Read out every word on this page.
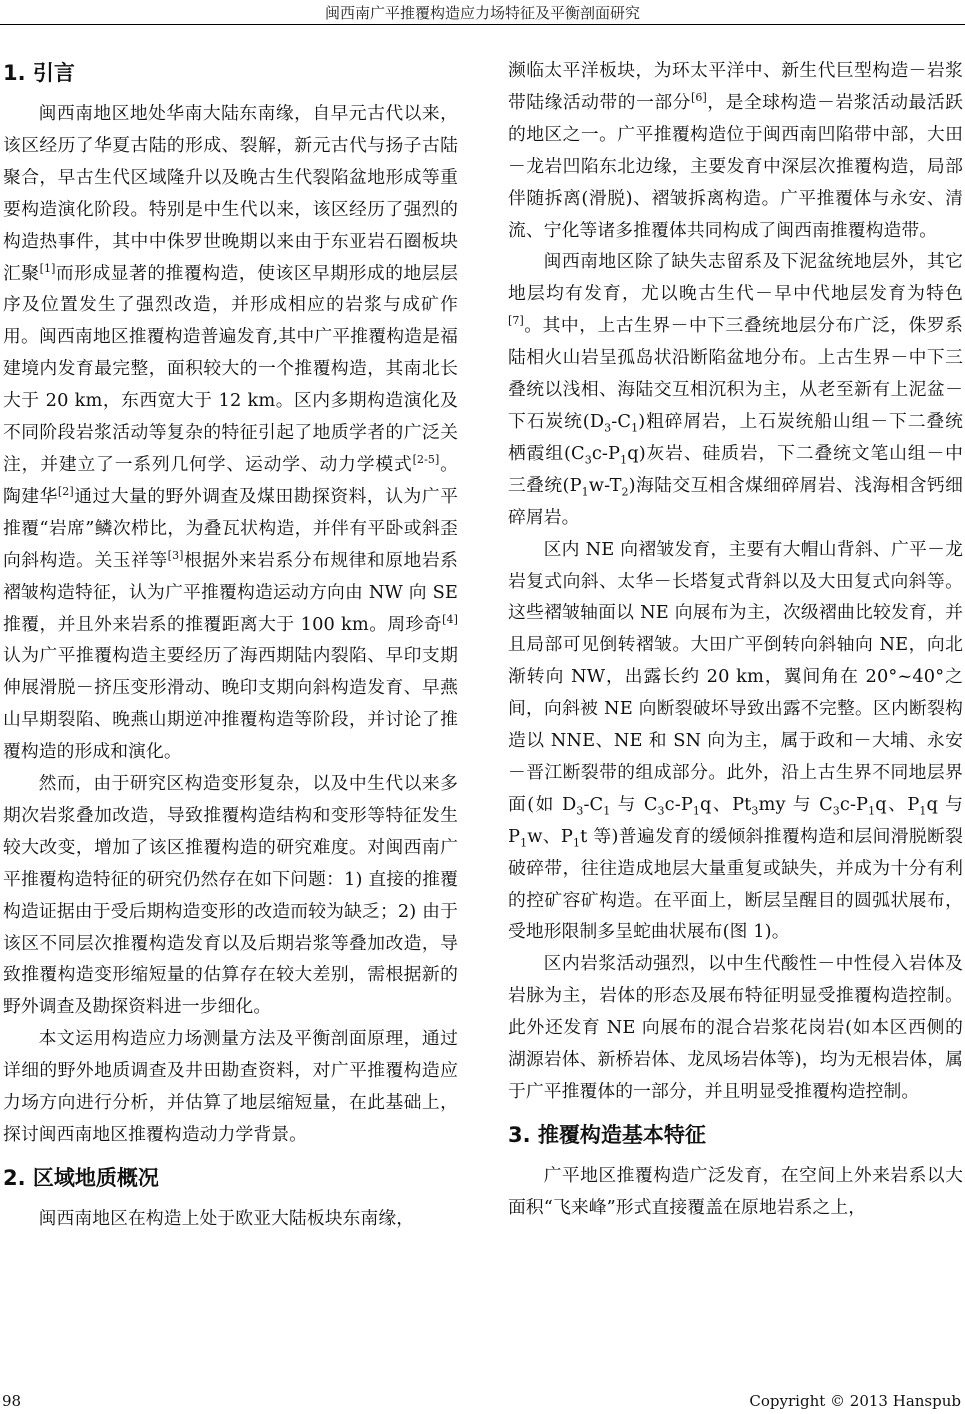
闽西南广平推覆构造应力场特征及平衡剖面研究
1. 引言

闽西南地区地处华南大陆东南缘，自早元古代以来，该区经历了华夏古陆的形成、裂解，新元古代与扬子古陆聚合，早古生代区域隆升以及晚古生代裂陷盆地形成等重要构造演化阶段。特别是中生代以来，该区经历了强烈的构造热事件，其中中侏罗世晚期以来由于东亚岩石圈板块汇聚[1]而形成显著的推覆构造，使该区早期形成的地层层序及位置发生了强烈改造，并形成相应的岩浆与成矿作用。闽西南地区推覆构造普遍发育,其中广平推覆构造是福建境内发育最完整，面积较大的一个推覆构造，其南北长大于 20 km，东西宽大于 12 km。区内多期构造演化及不同阶段岩浆活动等复杂的特征引起了地质学者的广泛关注，并建立了一系列几何学、运动学、动力学模式[2-5]。陶建华[2]通过大量的野外调查及煤田勘探资料，认为广平推覆“岩席”鳞次栉比，为叠瓦状构造，并伴有平卧或斜歪向斜构造。关玉祥等[3]根据外来岩系分布规律和原地岩系褶皱构造特征，认为广平推覆构造运动方向由 NW 向 SE 推覆，并且外来岩系的推覆距离大于 100 km。周珍奇[4]认为广平推覆构造主要经历了海西期陆内裂陷、早印支期伸展滑脱－挤压变形滑动、晚印支期向斜构造发育、早燕山早期裂陷、晚燕山期逆冲推覆构造等阶段，并讨论了推覆构造的形成和演化。

然而，由于研究区构造变形复杂，以及中生代以来多期次岩浆叠加改造，导致推覆构造结构和变形等特征发生较大改变，增加了该区推覆构造的研究难度。对闽西南广平推覆构造特征的研究仍然存在如下问题：1) 直接的推覆构造证据由于受后期构造变形的改造而较为缺乏；2) 由于该区不同层次推覆构造发育以及后期岩浆等叠加改造，导致推覆构造变形缩短量的估算存在较大差别，需根据新的野外调查及勘探资料进一步细化。

本文运用构造应力场测量方法及平衡剖面原理，通过详细的野外地质调查及井田勘查资料，对广平推覆构造应力场方向进行分析，并估算了地层缩短量，在此基础上，探讨闽西南地区推覆构造动力学背景。

2. 区域地质概况

闽西南地区在构造上处于欧亚大陆板块东南缘，

濒临太平洋板块，为环太平洋中、新生代巨型构造－岩浆带陆缘活动带的一部分[6]，是全球构造－岩浆活动最活跃的地区之一。广平推覆构造位于闽西南凹陷带中部，大田－龙岩凹陷东北边缘，主要发育中深层次推覆构造，局部伴随拆离(滑脱)、褶皱拆离构造。广平推覆体与永安、清流、宁化等诸多推覆体共同构成了闽西南推覆构造带。

闽西南地区除了缺失志留系及下泥盆统地层外，其它地层均有发育，尤以晚古生代－早中代地层发育为特色[7]。其中，上古生界－中下三叠统地层分布广泛，侏罗系陆相火山岩呈孤岛状沿断陷盆地分布。上古生界－中下三叠统以浅相、海陆交互相沉积为主，从老至新有上泥盆－下石炭统$(D_3-C_1)$粗碎屑岩，上石炭统船山组－下二叠统栖霞组$(C_3c-P_1q)$灰岩、硅质岩，下二叠统文笔山组－中三叠统$(P_1w-T_2)$海陆交互相含煤细碎屑岩、浅海相含钙细碎屑岩。

区内 NE 向褶皱发育，主要有大帽山背斜、广平－龙岩复式向斜、太华－长塔复式背斜以及大田复式向斜等。这些褶皱轴面以 NE 向展布为主，次级褶曲比较发育，并且局部可见倒转褶皱。大田广平倒转向斜轴向 NE，向北渐转向 NW，出露长约 20 km，翼间角在 20°~40°之间，向斜被 NE 向断裂破坏导致出露不完整。区内断裂构造以 NNE、NE 和 SN 向为主，属于政和－大埔、永安－晋江断裂带的组成部分。此外，沿上古生界不同地层界面(如 $D_3-C_1$ 与 $C_3c-P_1q$、$Pt_3my$ 与 $C_3c-P_1q$、$P_1q$ 与 $P_1w$、$P_1t$ 等)普遍发育的缓倾斜推覆构造和层间滑脱断裂破碎带，往往造成地层大量重复或缺失，并成为十分有利的控矿容矿构造。在平面上，断层呈醒目的圆弧状展布，受地形限制多呈蛇曲状展布(图 1)。

区内岩浆活动强烈，以中生代酸性－中性侵入岩体及岩脉为主，岩体的形态及展布特征明显受推覆构造控制。此外还发育 NE 向展布的混合岩浆花岗岩(如本区西侧的湖源岩体、新桥岩体、龙凤场岩体等)，均为无根岩体，属于广平推覆体的一部分，并且明显受推覆构造控制。

3. 推覆构造基本特征

广平地区推覆构造广泛发育，在空间上外来岩系以大面积“飞来峰”形式直接覆盖在原地岩系之上，

98	Copyright © 2013 Hanspub
